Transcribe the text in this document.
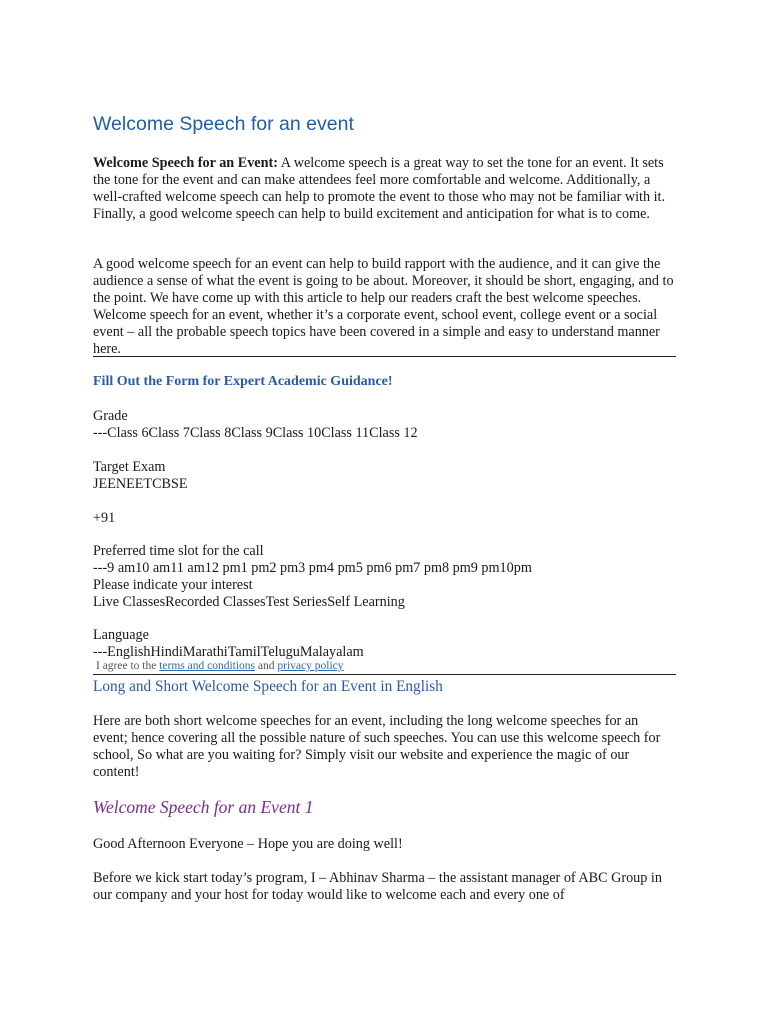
Welcome Speech for an event

Welcome Speech for an Event: A welcome speech is a great way to set the tone for an event. It sets the tone for the event and can make attendees feel more comfortable and welcome. Additionally, a well-crafted welcome speech can help to promote the event to those who may not be familiar with it. Finally, a good welcome speech can help to build excitement and anticipation for what is to come.

A good welcome speech for an event can help to build rapport with the audience, and it can give the audience a sense of what the event is going to be about. Moreover, it should be short, engaging, and to the point. We have come up with this article to help our readers craft the best welcome speeches. Welcome speech for an event, whether it’s a corporate event, school event, college event or a social event – all the probable speech topics have been covered in a simple and easy to understand manner here.

Fill Out the Form for Expert Academic Guidance!
Grade
---Class 6Class 7Class 8Class 9Class 10Class 11Class 12
Target Exam
JEENEETCBSE
+91
Preferred time slot for the call
---9 am10 am11 am12 pm1 pm2 pm3 pm4 pm5 pm6 pm7 pm8 pm9 pm10pm
Please indicate your interest
Live ClassesRecorded ClassesTest SeriesSelf Learning
Language
---EnglishHindiMarathiTamilTeluguMalayalam
I agree to the terms and conditions and privacy policy
Long and Short Welcome Speech for an Event in English

Here are both short welcome speeches for an event, including the long welcome speeches for an event; hence covering all the possible nature of such speeches. You can use this welcome speech for school, So what are you waiting for? Simply visit our website and experience the magic of our content!

Welcome Speech for an Event 1

Good Afternoon Everyone – Hope you are doing well!

Before we kick start today’s program, I – Abhinav Sharma – the assistant manager of ABC Group in our company and your host for today would like to welcome each and every one of
